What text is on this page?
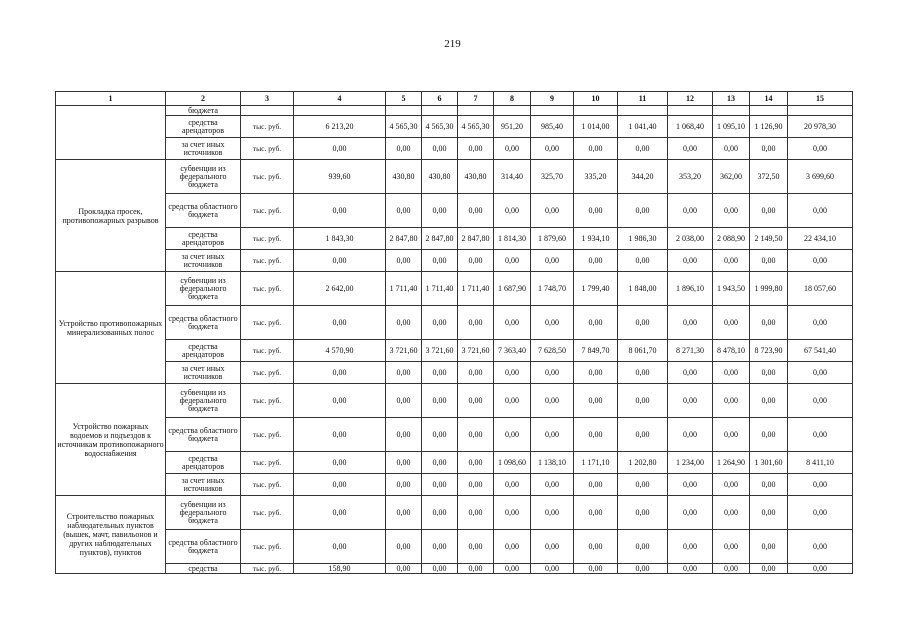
219
1	2	3	4	5	6	7	8	9	10	11	12	13	14	15
	бюджета													
	средства арендаторов	тыс. руб.	6 213,20	4 565,30	4 565,30	4 565,30	951,20	985,40	1 014,00	1 041,40	1 068,40	1 095,10	1 126,90	20 978,30
	за счет иных источников	тыс. руб.	0,00	0,00	0,00	0,00	0,00	0,00	0,00	0,00	0,00	0,00	0,00	0,00
Прокладка просек, противопожарных разрывов	субвенции из федерального бюджета	тыс. руб.	939,60	430,80	430,80	430,80	314,40	325,70	335,20	344,20	353,20	362,00	372,50	3 699,60
	средства областного бюджета	тыс. руб.	0,00	0,00	0,00	0,00	0,00	0,00	0,00	0,00	0,00	0,00	0,00	0,00
	средства арендаторов	тыс. руб.	1 843,30	2 847,80	2 847,80	2 847,80	1 814,30	1 879,60	1 934,10	1 986,30	2 038,00	2 088,90	2 149,50	22 434,10
	за счет иных источников	тыс. руб.	0,00	0,00	0,00	0,00	0,00	0,00	0,00	0,00	0,00	0,00	0,00	0,00
Устройство противопожарных минерализованных полос	субвенции из федерального бюджета	тыс. руб.	2 642,00	1 711,40	1 711,40	1 711,40	1 687,90	1 748,70	1 799,40	1 848,00	1 896,10	1 943,50	1 999,80	18 057,60
	средства областного бюджета	тыс. руб.	0,00	0,00	0,00	0,00	0,00	0,00	0,00	0,00	0,00	0,00	0,00	0,00
	средства арендаторов	тыс. руб.	4 570,90	3 721,60	3 721,60	3 721,60	7 363,40	7 628,50	7 849,70	8 061,70	8 271,30	8 478,10	8 723,90	67 541,40
	за счет иных источников	тыс. руб.	0,00	0,00	0,00	0,00	0,00	0,00	0,00	0,00	0,00	0,00	0,00	0,00
Устройство пожарных водоемов и подъездов к источникам противопожарного водоснабжения	субвенции из федерального бюджета	тыс. руб.	0,00	0,00	0,00	0,00	0,00	0,00	0,00	0,00	0,00	0,00	0,00	0,00
	средства областного бюджета	тыс. руб.	0,00	0,00	0,00	0,00	0,00	0,00	0,00	0,00	0,00	0,00	0,00	0,00
	средства арендаторов	тыс. руб.	0,00	0,00	0,00	0,00	1 098,60	1 138,10	1 171,10	1 202,80	1 234,00	1 264,90	1 301,60	8 411,10
	за счет иных источников	тыс. руб.	0,00	0,00	0,00	0,00	0,00	0,00	0,00	0,00	0,00	0,00	0,00	0,00
Строительство пожарных наблюдательных пунктов (вышек, мачт, павильонов и других наблюдательных пунктов), пунктов	субвенции из федерального бюджета	тыс. руб.	0,00	0,00	0,00	0,00	0,00	0,00	0,00	0,00	0,00	0,00	0,00	0,00
	средства областного бюджета	тыс. руб.	0,00	0,00	0,00	0,00	0,00	0,00	0,00	0,00	0,00	0,00	0,00	0,00
	средства	тыс. руб.	158,90	0,00	0,00	0,00	0,00	0,00	0,00	0,00	0,00	0,00	0,00	0,00
